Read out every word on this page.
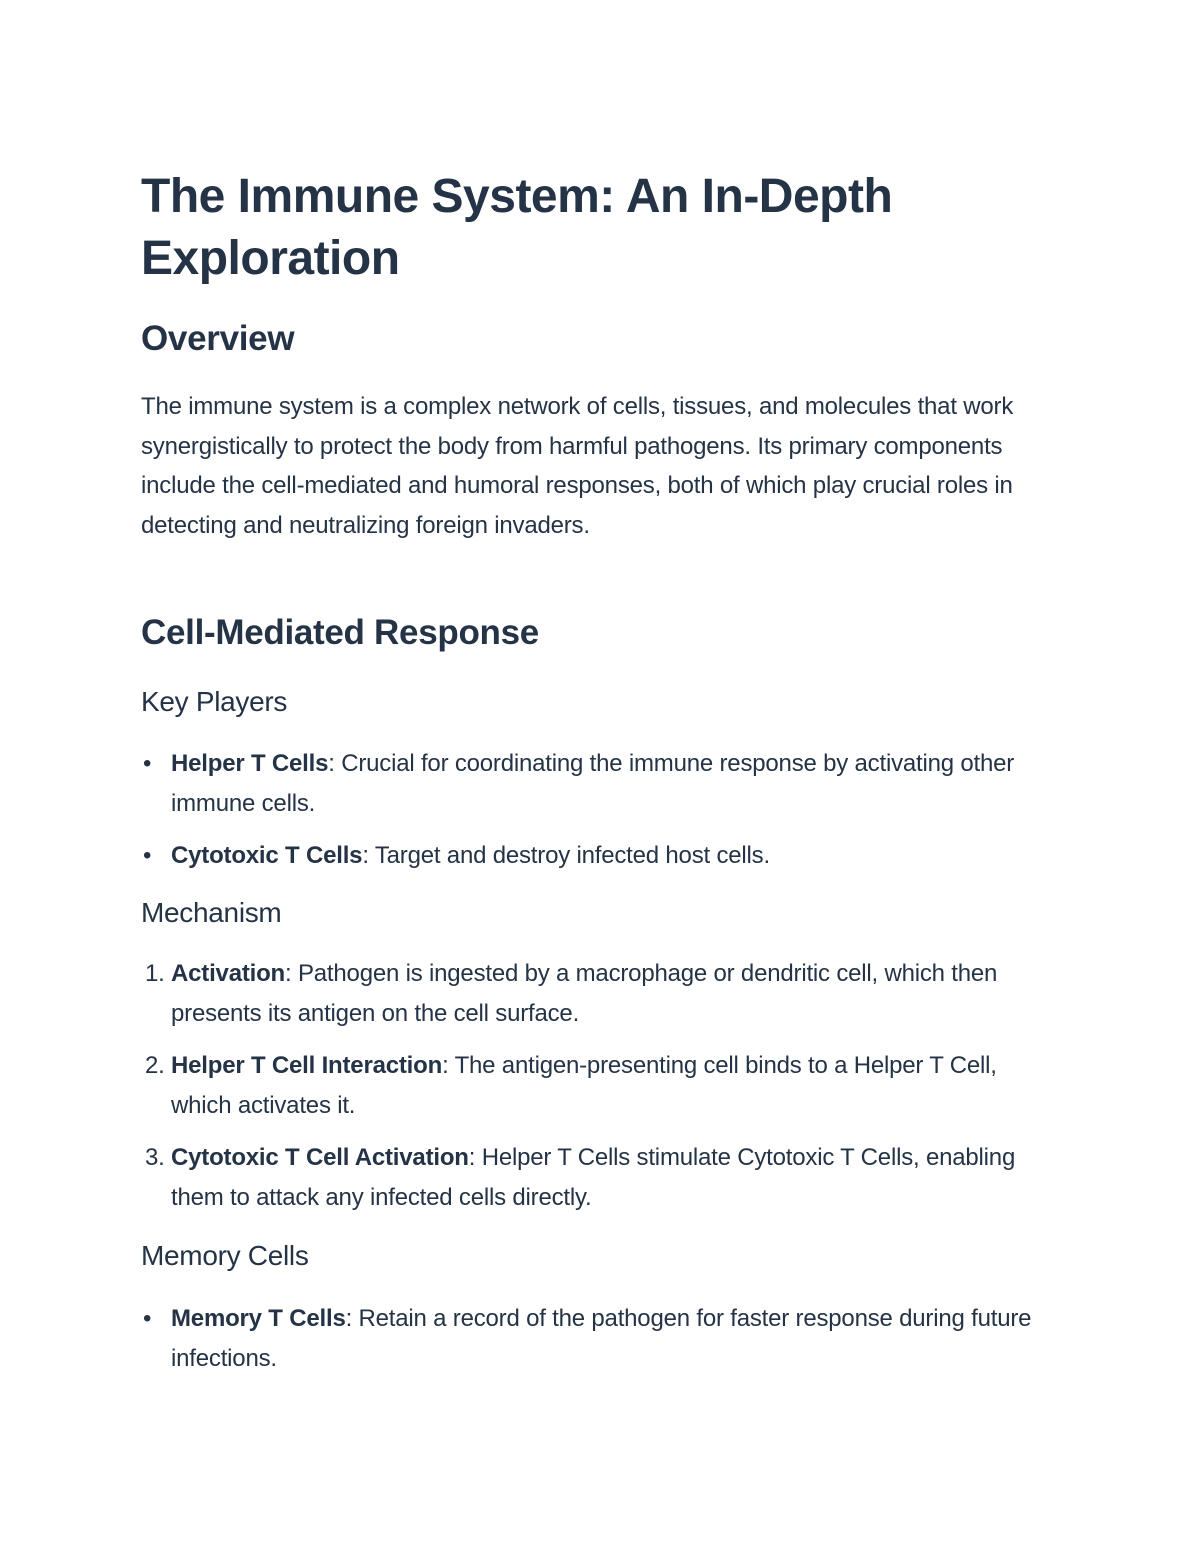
The Immune System: An In-Depth Exploration
Overview

The immune system is a complex network of cells, tissues, and molecules that work synergistically to protect the body from harmful pathogens. Its primary components include the cell-mediated and humoral responses, both of which play crucial roles in detecting and neutralizing foreign invaders.

Cell-Mediated Response
Key Players
• Helper T Cells: Crucial for coordinating the immune response by activating other immune cells.
• Cytotoxic T Cells: Target and destroy infected host cells.
Mechanism
1. Activation: Pathogen is ingested by a macrophage or dendritic cell, which then presents its antigen on the cell surface.
2. Helper T Cell Interaction: The antigen-presenting cell binds to a Helper T Cell, which activates it.
3. Cytotoxic T Cell Activation: Helper T Cells stimulate Cytotoxic T Cells, enabling them to attack any infected cells directly.
Memory Cells
• Memory T Cells: Retain a record of the pathogen for faster response during future infections.
